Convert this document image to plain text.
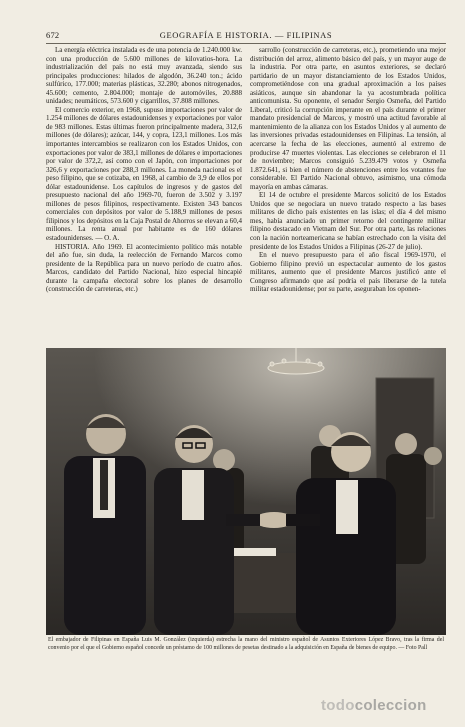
672	GEOGRAFÍA E HISTORIA. — FILIPINAS

La energía eléctrica instalada es de una potencia de 1.240.000 kw. con una producción de 5.600 millones de kilovatios-hora. La industrialización del país no está muy avanzada, siendo sus principales producciones: hilados de algodón, 36.240 ton.; ácido sulfúrico, 177.000; materias plásticas, 32.280; abonos nitrogenados, 45.600; cemento, 2.804.000; montaje de automóviles, 20.888 unidades; neumáticos, 573.600 y cigarrillos, 37.808 millones.

El comercio exterior, en 1968, supuso importaciones por valor de 1.254 millones de dólares estadounidenses y exportaciones por valor de 983 millones. Estas últimas fueron principalmente madera, 312,6 millones (de dólares); azúcar, 144, y copra, 123,1 millones. Los más importantes intercambios se realizaron con los Estados Unidos, con exportaciones por valor de 383,1 millones de dólares e importaciones por valor de 372,2, así como con el Japón, con importaciones por 326,6 y exportaciones por 288,3 millones. La moneda nacional es el peso filipino, que se cotizaba, en 1968, al cambio de 3,9 de ellos por dólar estadounidense. Los capítulos de ingresos y de gastos del presupuesto nacional del año 1969-70, fueron de 3.502 y 3.197 millones de pesos filipinos, respectivamente. Existen 343 bancos comerciales con depósitos por valor de 5.188,9 millones de pesos filipinos y los depósitos en la Caja Postal de Ahorros se elevan a 60,4 millones. La renta anual por habitante es de 160 dólares estadounidenses. — O. A.

HISTORIA. Año 1969. El acontecimiento político más notable del año fue, sin duda, la reelección de Fernando Marcos como presidente de la República para un nuevo período de cuatro años. Marcos, candidato del Partido Nacional, hizo especial hincapié durante la campaña electoral sobre los planes de desarrollo (construcción de carreteras, etc.)

sarrollo (construcción de carreteras, etc.), prometiendo una mejor distribución del arroz, alimento básico del país, y un mayor auge de la industria. Por otra parte, en asuntos exteriores, se declaró partidario de un mayor distanciamiento de los Estados Unidos, comprometiéndose con una gradual aproximación a los países asiáticos, aunque sin abandonar la ya acostumbrada política anticomunista. Su oponente, el senador Sergio Osmeña, del Partido Liberal, criticó la corrupción imperante en el país durante el primer mandato presidencial de Marcos, y mostró una actitud favorable al mantenimiento de la alianza con los Estados Unidos y al aumento de las inversiones privadas estadounidenses en Filipinas. La tensión, al acercarse la fecha de las elecciones, aumentó al extremo de producirse 47 muertes violentas. Las elecciones se celebraron el 11 de noviembre; Marcos consiguió 5.239.479 votos y Osmeña 1.872.641, si bien el número de abstenciones entre los votantes fue considerable. El Partido Nacional obtuvo, asimismo, una cómoda mayoría en ambas cámaras.

El 14 de octubre el presidente Marcos solicitó de los Estados Unidos que se negociara un nuevo tratado respecto a las bases militares de dicho país existentes en las islas; el día 4 del mismo mes, había anunciado un primer retorno del contingente militar filipino destacado en Vietnam del Sur. Por otra parte, las relaciones con la nación norteamericana se habían estrechado con la visita del presidente de los Estados Unidos a Filipinas (26-27 de julio).

En el nuevo presupuesto para el año fiscal 1969-1970, el Gobierno filipino previó un espectacular aumento de los gastos militares, aumento que el presidente Marcos justificó ante el Congreso afirmando que así podría el país liberarse de la tutela militar estadounidense; por su parte, aseguraban los oponen-

El embajador de Filipinas en España Luis M. González (izquierda) estrecha la mano del ministro español de Asuntos Exteriores López Bravo, tras la firma del convenio por el que el Gobierno español concede un préstamo de 100 millones de pesetas destinado a la adquisición en España de bienes de equipo. — Foto Pall
todocoleccion
